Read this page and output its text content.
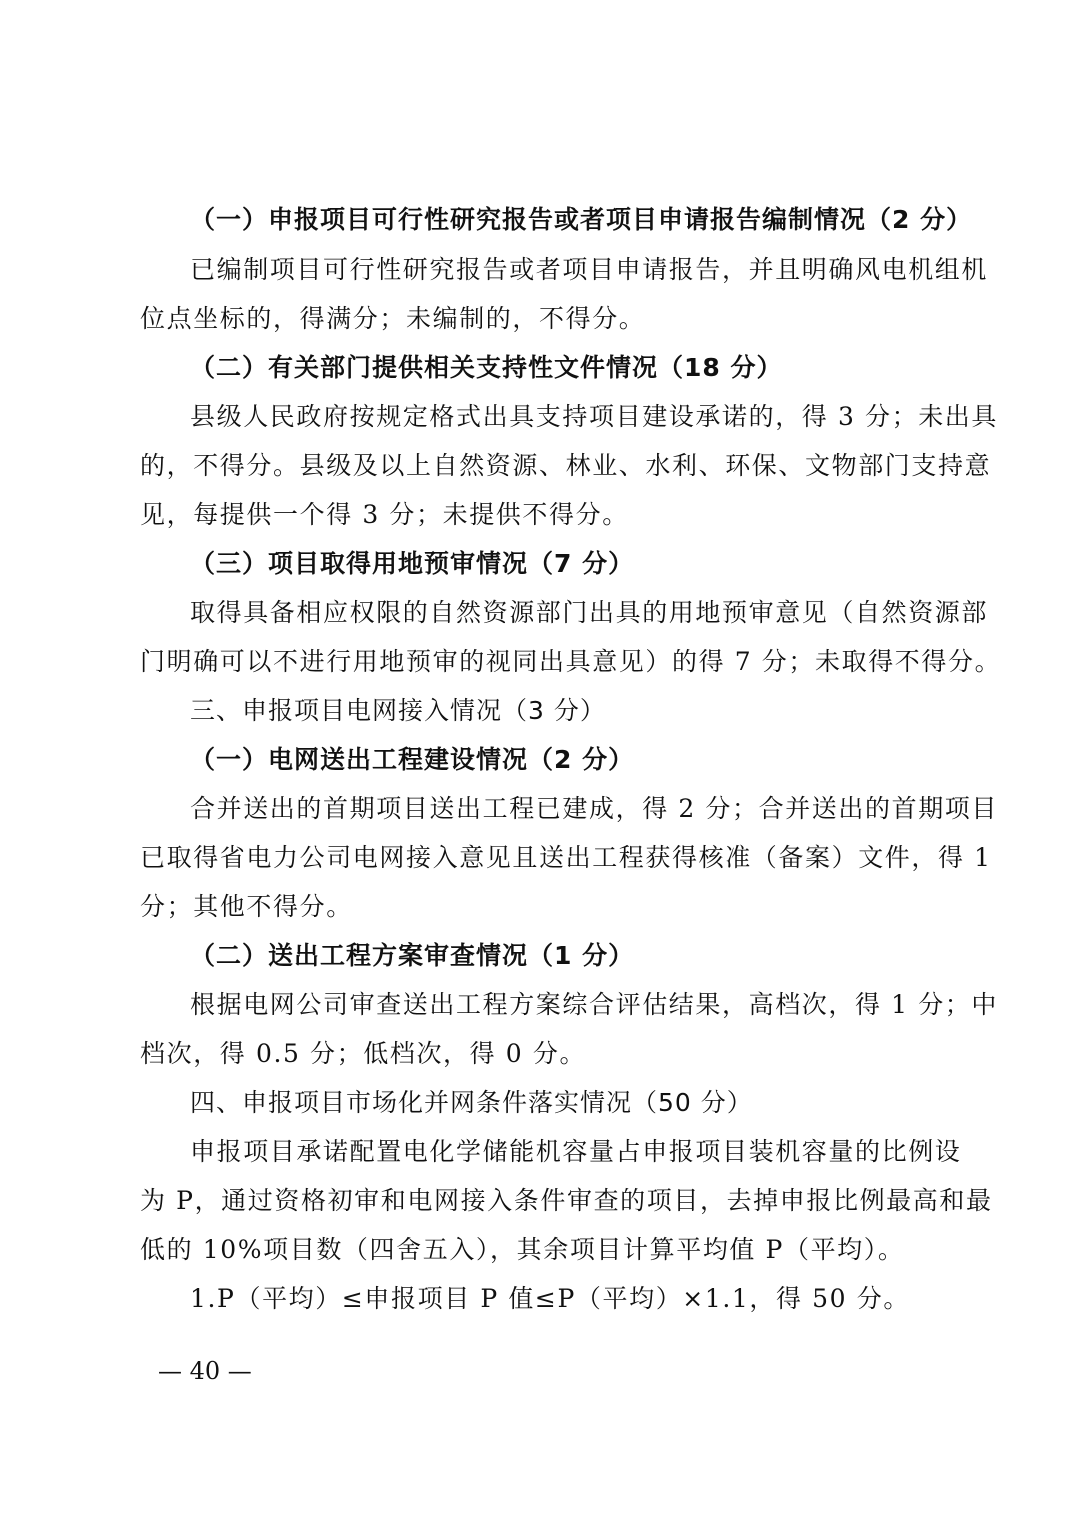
（一）申报项目可行性研究报告或者项目申请报告编制情况（2 分）
已编制项目可行性研究报告或者项目申请报告，并且明确风电机组机
位点坐标的，得满分；未编制的，不得分。
（二）有关部门提供相关支持性文件情况（18 分）
县级人民政府按规定格式出具支持项目建设承诺的，得 3 分；未出具
的，不得分。县级及以上自然资源、林业、水利、环保、文物部门支持意
见，每提供一个得 3 分；未提供不得分。
（三）项目取得用地预审情况（7 分）
取得具备相应权限的自然资源部门出具的用地预审意见（自然资源部
门明确可以不进行用地预审的视同出具意见）的得 7 分；未取得不得分。
三、申报项目电网接入情况（3 分）
（一）电网送出工程建设情况（2 分）
合并送出的首期项目送出工程已建成，得 2 分；合并送出的首期项目
已取得省电力公司电网接入意见且送出工程获得核准（备案）文件，得 1
分；其他不得分。
（二）送出工程方案审查情况（1 分）
根据电网公司审查送出工程方案综合评估结果，高档次，得 1 分；中
档次，得 0.5 分；低档次，得 0 分。
四、申报项目市场化并网条件落实情况（50 分）
申报项目承诺配置电化学储能机容量占申报项目装机容量的比例设
为 P，通过资格初审和电网接入条件审查的项目，去掉申报比例最高和最
低的 10%项目数（四舍五入），其余项目计算平均值 P（平均）。
1.P（平均）≤申报项目 P 值≤P（平均）×1.1，得 50 分。
— 40 —
